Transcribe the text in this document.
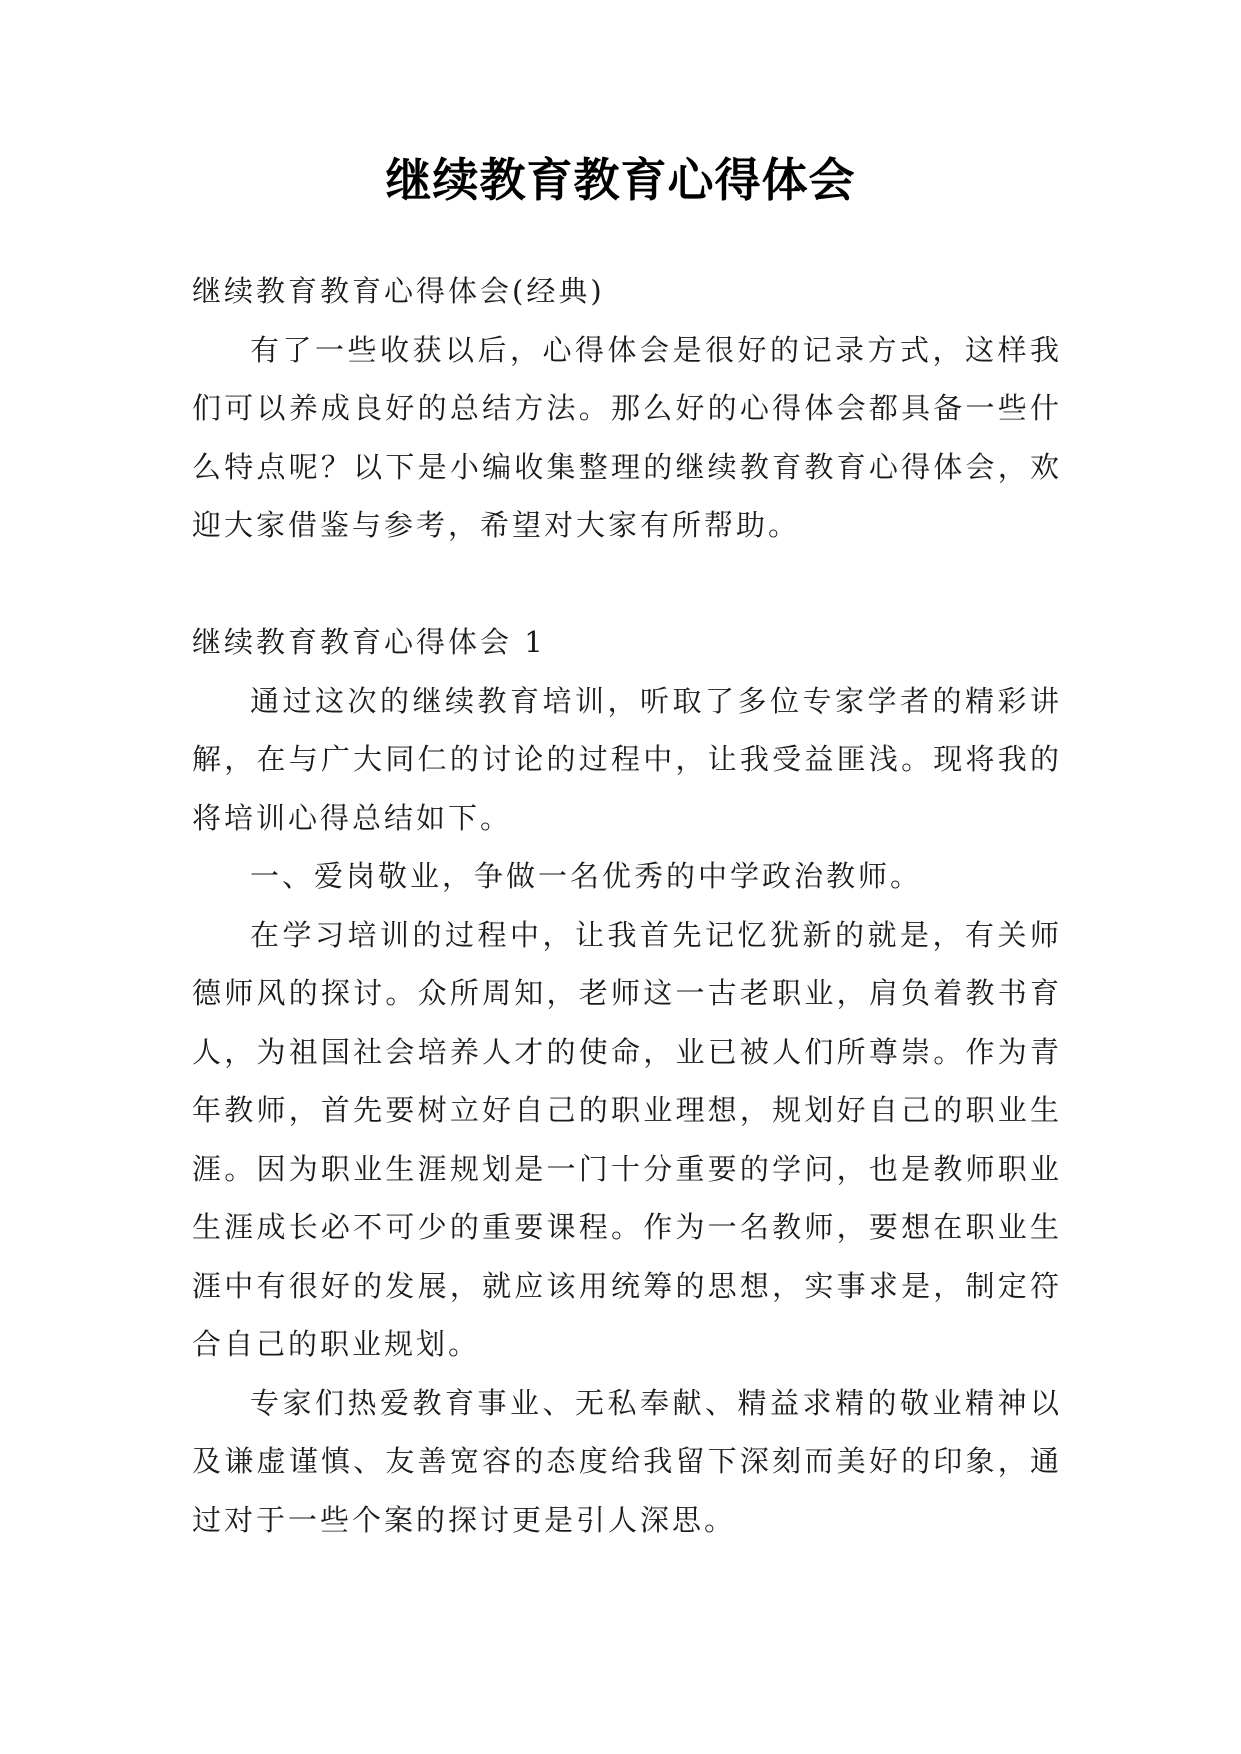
继续教育教育心得体会

继续教育教育心得体会(经典)

有了一些收获以后，心得体会是很好的记录方式，这样我们可以养成良好的总结方法。那么好的心得体会都具备一些什么特点呢？以下是小编收集整理的继续教育教育心得体会，欢迎大家借鉴与参考，希望对大家有所帮助。

继续教育教育心得体会 1

通过这次的继续教育培训，听取了多位专家学者的精彩讲解，在与广大同仁的讨论的过程中，让我受益匪浅。现将我的将培训心得总结如下。

一、爱岗敬业，争做一名优秀的中学政治教师。

在学习培训的过程中，让我首先记忆犹新的就是，有关师德师风的探讨。众所周知，老师这一古老职业，肩负着教书育人，为祖国社会培养人才的使命，业已被人们所尊崇。作为青年教师，首先要树立好自己的职业理想，规划好自己的职业生涯。因为职业生涯规划是一门十分重要的学问，也是教师职业生涯成长必不可少的重要课程。作为一名教师，要想在职业生涯中有很好的发展，就应该用统筹的思想，实事求是，制定符合自己的职业规划。

专家们热爱教育事业、无私奉献、精益求精的敬业精神以及谦虚谨慎、友善宽容的态度给我留下深刻而美好的印象，通过对于一些个案的探讨更是引人深思。
